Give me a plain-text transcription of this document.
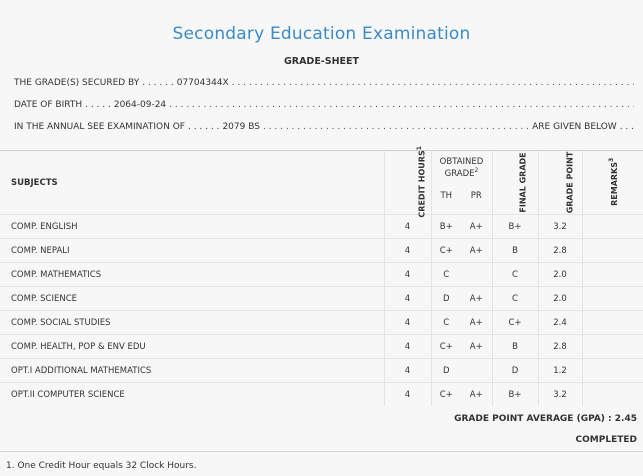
Secondary Education Examination
GRADE-SHEET
THE GRADE(S) SECURED BY . . . . . . 07704344X
. . .
DATE OF BIRTH . . . . . 2064-09-24
. . .
IN THE ANNUAL SEE EXAMINATION OF . . . . . . 2079 BS . . .	ARE GIVEN BELOW . . .
SUBJECTS	CREDIT HOURS$^1$	OBTAINED GRADE$^2$		FINAL GRADE	GRADE POINT	REMARKS$^3$
		TH	PR			
COMP. ENGLISH	4	B+	A+	B+	3.2	
COMP. NEPALI	4	C+	A+	B	2.8	
COMP. MATHEMATICS	4	C		C	2.0	
COMP. SCIENCE	4	D	A+	C	2.0	
COMP. SOCIAL STUDIES	4	C	A+	C+	2.4	
COMP. HEALTH, POP & ENV EDU	4	C+	A+	B	2.8	
OPT.I ADDITIONAL MATHEMATICS	4	D		D	1.2	
OPT.II COMPUTER SCIENCE	4	C+	A+	B+	3.2	
GRADE POINT AVERAGE (GPA) : 2.45
COMPLETED
1. One Credit Hour equals 32 Clock Hours.
